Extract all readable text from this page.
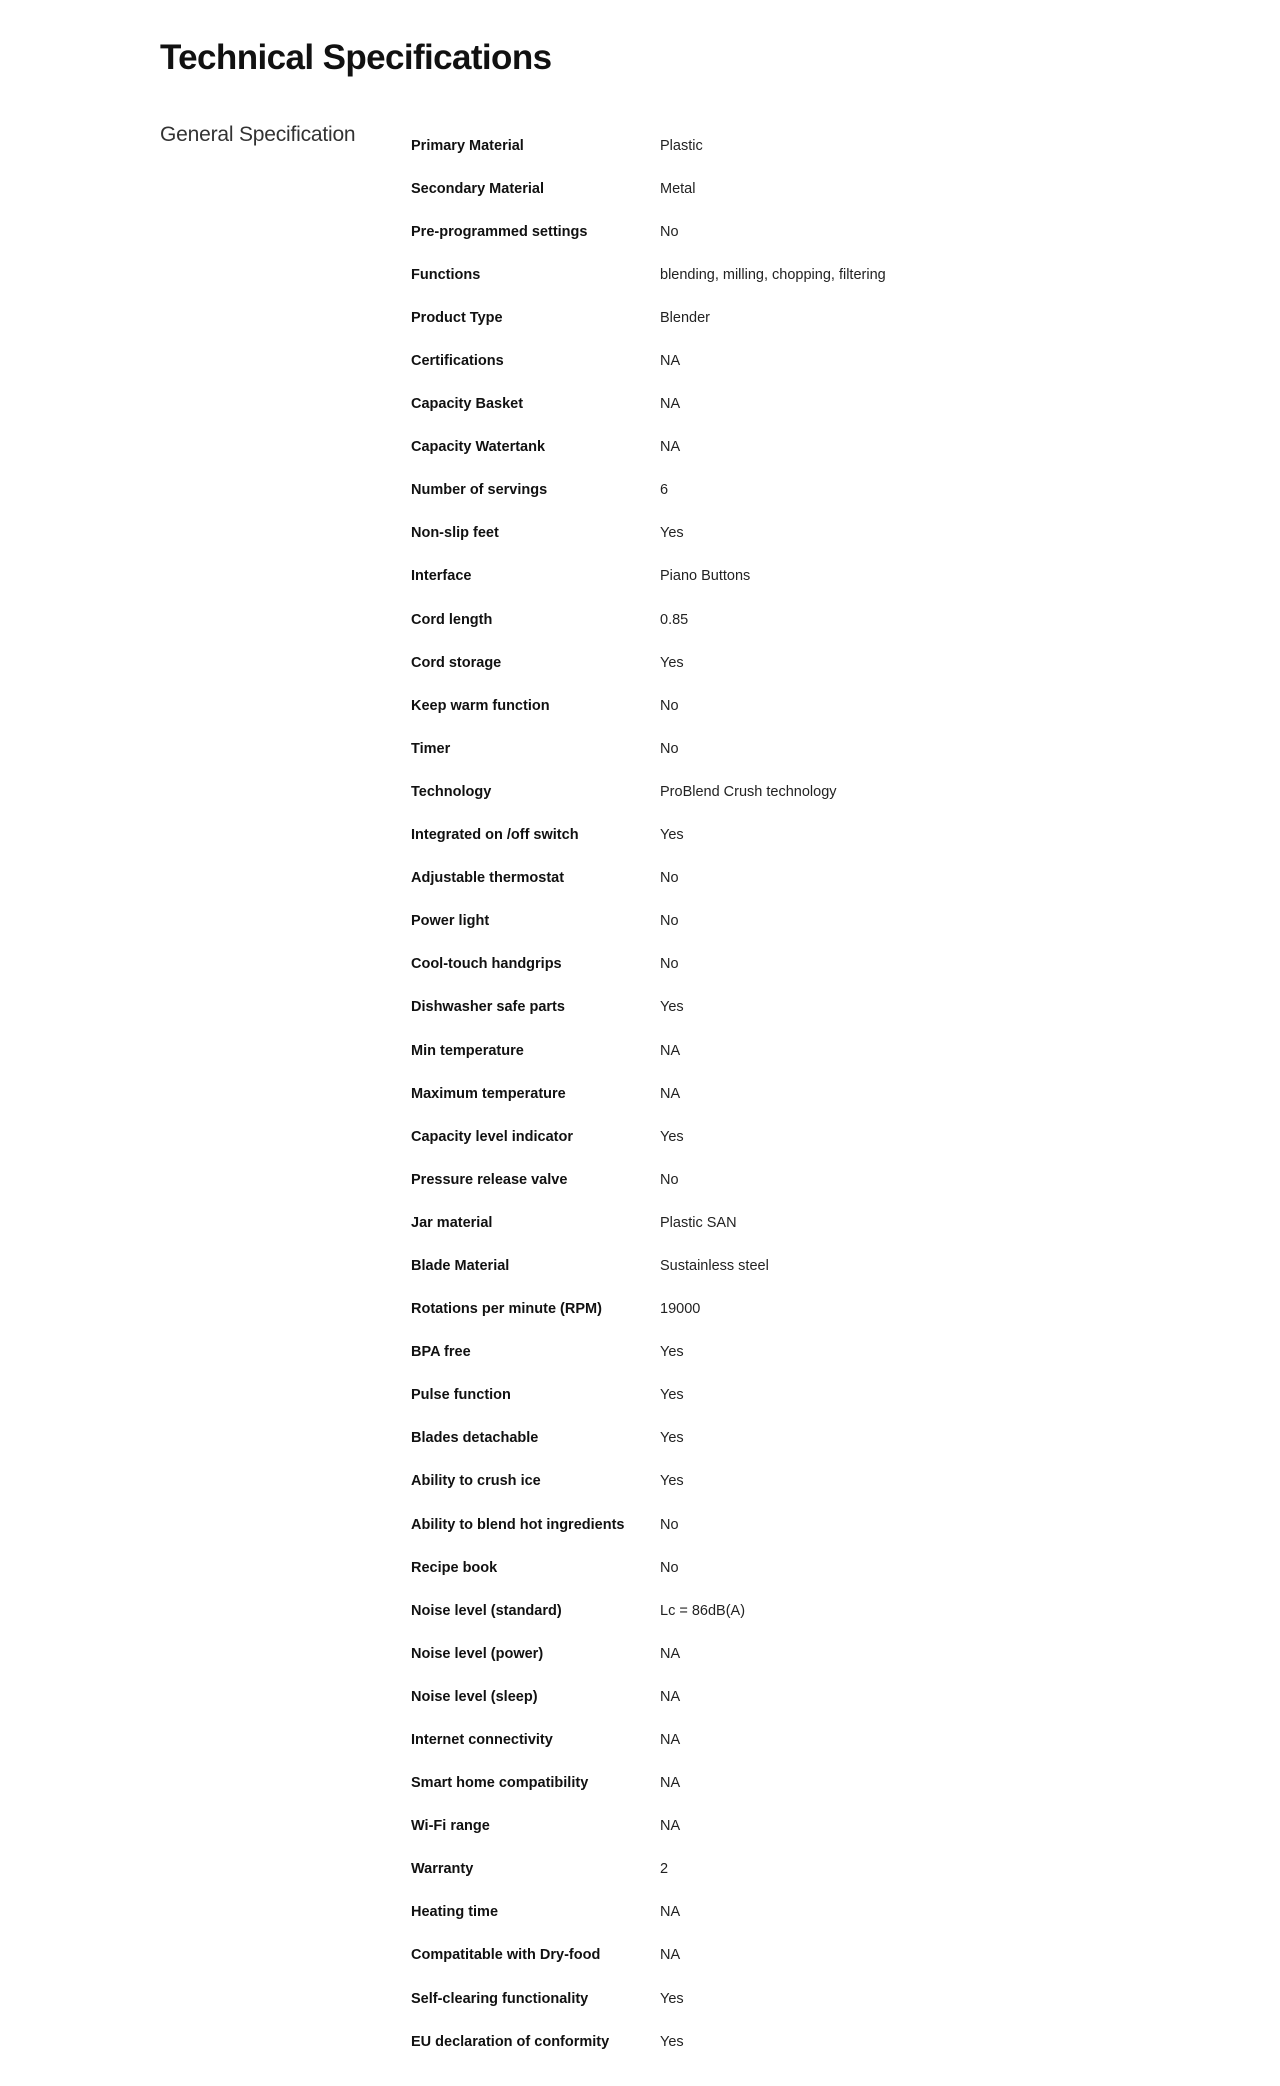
Technical Specifications
General Specification	Primary Material	Plastic
Secondary Material	Metal
Pre-programmed settings	No
Functions	blending, milling, chopping, filtering
Product Type	Blender
Certifications	NA
Capacity Basket	NA
Capacity Watertank	NA
Number of servings	6
Non-slip feet	Yes
Interface	Piano Buttons
Cord length	0.85
Cord storage	Yes
Keep warm function	No
Timer	No
Technology	ProBlend Crush technology
Integrated on /off switch	Yes
Adjustable thermostat	No
Power light	No
Cool-touch handgrips	No
Dishwasher safe parts	Yes
Min temperature	NA
Maximum temperature	NA
Capacity level indicator	Yes
Pressure release valve	No
Jar material	Plastic SAN
Blade Material	Sustainless steel
Rotations per minute (RPM)	19000
BPA free	Yes
Pulse function	Yes
Blades detachable	Yes
Ability to crush ice	Yes
Ability to blend hot ingredients	No
Recipe book	No
Noise level (standard)	Lc = 86dB(A)
Noise level (power)	NA
Noise level (sleep)	NA
Internet connectivity	NA
Smart home compatibility	NA
Wi-Fi range	NA
Warranty	2
Heating time	NA
Compatitable with Dry-food	NA
Self-clearing functionality	Yes
EU declaration of conformity	Yes
